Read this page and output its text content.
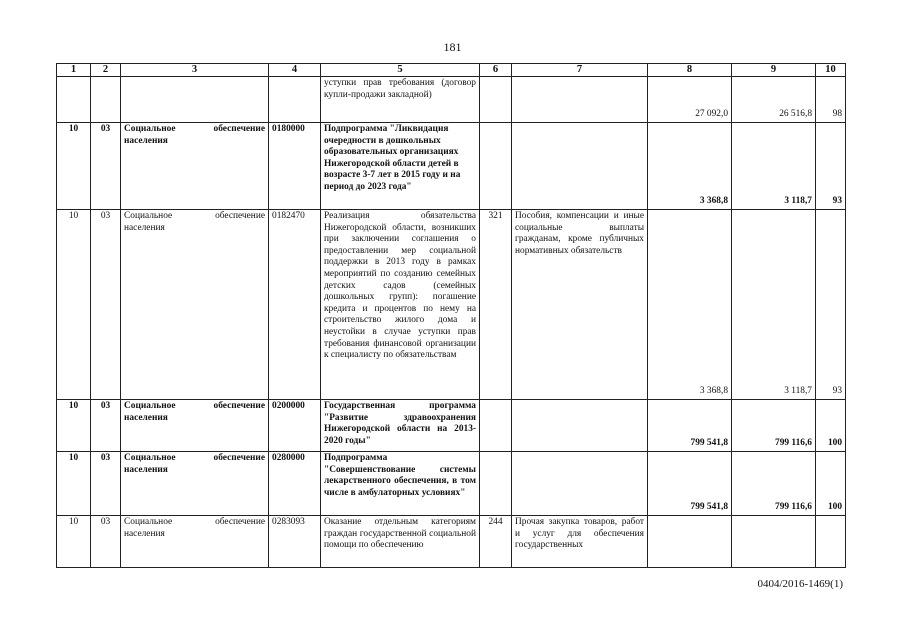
181
1	2	3	4	5	6	7	8	9	10
				уступки прав требования (договор купли-продажи закладной)			27 092,0	26 516,8	98
10	03	Социальное обеспечение населения	0180000	Подпрограмма "Ликвидация очередности в дошкольных образовательных организациях Нижегородской области детей в возрасте 3-7 лет в 2015 году и на период до 2023 года"			3 368,8	3 118,7	93
10	03	Социальное обеспечение населения	0182470	Реализация обязательства Нижегородской области, возникших при заключении соглашения о предоставлении мер социальной поддержки в 2013 году в рамках мероприятий по созданию семейных детских садов (семейных дошкольных групп): погашение кредита и процентов по нему на строительство жилого дома и неустойки в случае уступки прав требования финансовой организации к специалисту по обязательствам	321	Пособия, компенсации и иные социальные выплаты гражданам, кроме публичных нормативных обязательств	3 368,8	3 118,7	93
10	03	Социальное обеспечение населения	0200000	Государственная программа "Развитие здравоохранения Нижегородской области на 2013-2020 годы"			799 541,8	799 116,6	100
10	03	Социальное обеспечение населения	0280000	Подпрограмма "Совершенствование системы лекарственного обеспечения, в том числе в амбулаторных условиях"			799 541,8	799 116,6	100
10	03	Социальное обеспечение населения	0283093	Оказание отдельным категориям граждан государственной социальной помощи по обеспечению	244	Прочая закупка товаров, работ и услуг для обеспечения государственных			
0404/2016-1469(1)
